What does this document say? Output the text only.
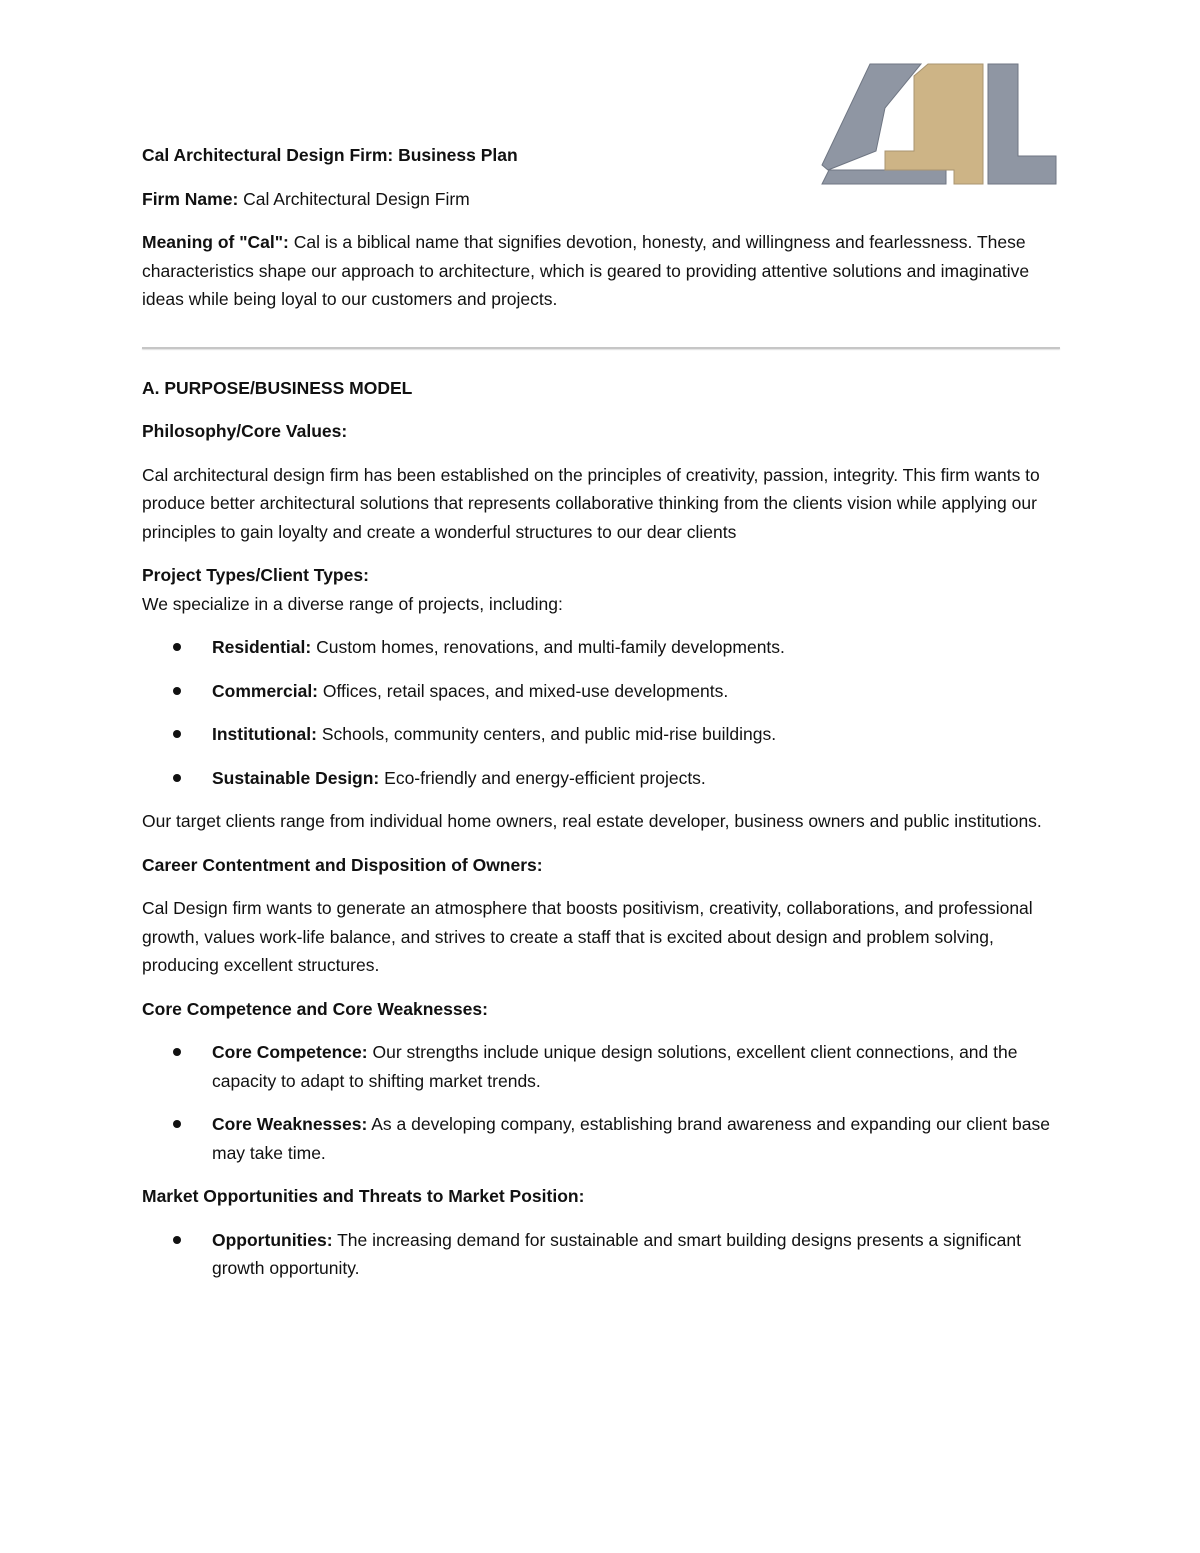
Cal Architectural Design Firm: Business Plan

Firm Name: Cal Architectural Design Firm

Meaning of "Cal": Cal is a biblical name that signifies devotion, honesty, and willingness and fearlessness. These characteristics shape our approach to architecture, which is geared to providing attentive solutions and imaginative ideas while being loyal to our customers and projects.

A. PURPOSE/BUSINESS MODEL

Philosophy/Core Values:

Cal architectural design firm has been established on the principles of creativity, passion, integrity. This firm wants to produce better architectural solutions that represents collaborative thinking from the clients vision while applying our principles to gain loyalty and create a wonderful structures to our dear clients

Project Types/Client Types:

We specialize in a diverse range of projects, including:

Residential: Custom homes, renovations, and multi-family developments.
Commercial: Offices, retail spaces, and mixed-use developments.
Institutional: Schools, community centers, and public mid-rise buildings.
Sustainable Design: Eco-friendly and energy-efficient projects.

Our target clients range from individual home owners, real estate developer, business owners and public institutions.

Career Contentment and Disposition of Owners:

Cal Design firm wants to generate an atmosphere that boosts positivism, creativity, collaborations, and professional growth, values work-life balance, and strives to create a staff that is excited about design and problem solving, producing excellent structures.

Core Competence and Core Weaknesses:

Core Competence: Our strengths include unique design solutions, excellent client connections, and the capacity to adapt to shifting market trends.
Core Weaknesses: As a developing company, establishing brand awareness and expanding our client base may take time.

Market Opportunities and Threats to Market Position:

Opportunities: The increasing demand for sustainable and smart building designs presents a significant growth opportunity.
